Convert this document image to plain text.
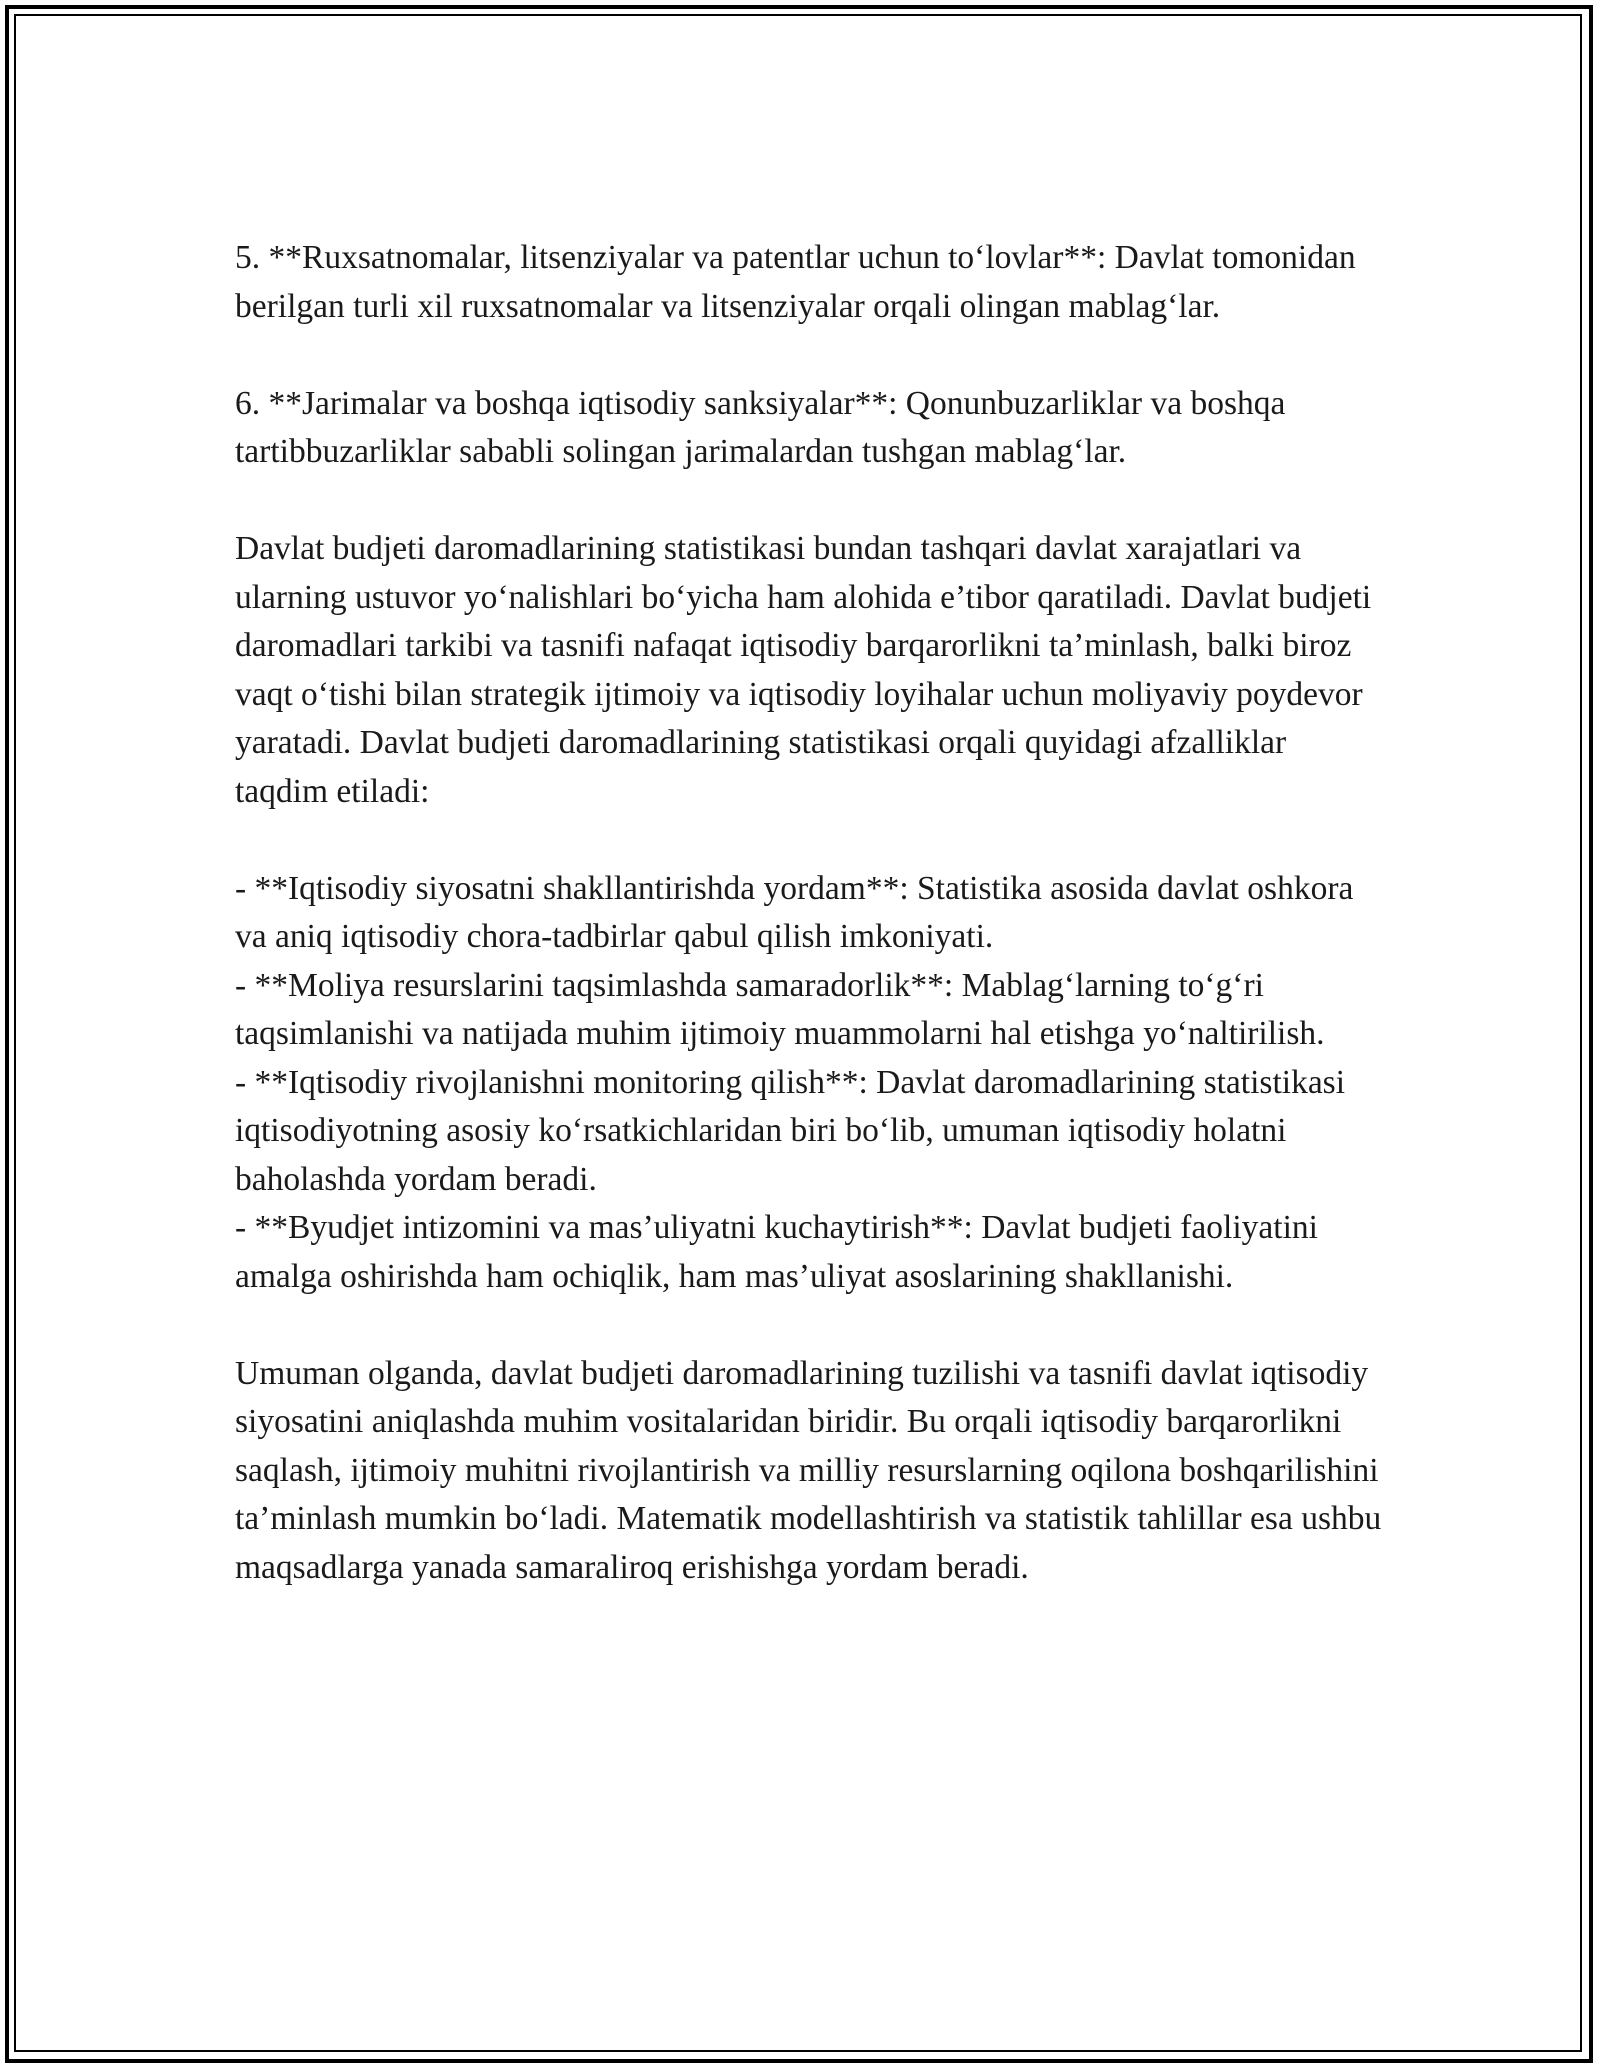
5. **Ruxsatnomalar, litsenziyalar va patentlar uchun to‘lovlar**: Davlat tomonidan berilgan turli xil ruxsatnomalar va litsenziyalar orqali olingan mablag‘lar.

6. **Jarimalar va boshqa iqtisodiy sanksiyalar**: Qonunbuzarliklar va boshqa tartibbuzarliklar sababli solingan jarimalardan tushgan mablag‘lar.

Davlat budjeti daromadlarining statistikasi bundan tashqari davlat xarajatlari va ularning ustuvor yo‘nalishlari bo‘yicha ham alohida e’tibor qaratiladi. Davlat budjeti daromadlari tarkibi va tasnifi nafaqat iqtisodiy barqarorlikni ta’minlash, balki biroz vaqt o‘tishi bilan strategik ijtimoiy va iqtisodiy loyihalar uchun moliyaviy poydevor yaratadi. Davlat budjeti daromadlarining statistikasi orqali quyidagi afzalliklar taqdim etiladi:

- **Iqtisodiy siyosatni shakllantirishda yordam**: Statistika asosida davlat oshkora va aniq iqtisodiy chora-tadbirlar qabul qilish imkoniyati.

- **Moliya resurslarini taqsimlashda samaradorlik**: Mablag‘larning to‘g‘ri taqsimlanishi va natijada muhim ijtimoiy muammolarni hal etishga yo‘naltirilish.

- **Iqtisodiy rivojlanishni monitoring qilish**: Davlat daromadlarining statistikasi iqtisodiyotning asosiy ko‘rsatkichlaridan biri bo‘lib, umuman iqtisodiy holatni baholashda yordam beradi.

- **Byudjet intizomini va mas’uliyatni kuchaytirish**: Davlat budjeti faoliyatini amalga oshirishda ham ochiqlik, ham mas’uliyat asoslarining shakllanishi.

Umuman olganda, davlat budjeti daromadlarining tuzilishi va tasnifi davlat iqtisodiy siyosatini aniqlashda muhim vositalaridan biridir. Bu orqali iqtisodiy barqarorlikni saqlash, ijtimoiy muhitni rivojlantirish va milliy resurslarning oqilona boshqarilishini ta’minlash mumkin bo‘ladi. Matematik modellashtirish va statistik tahlillar esa ushbu maqsadlarga yanada samaraliroq erishishga yordam beradi.
